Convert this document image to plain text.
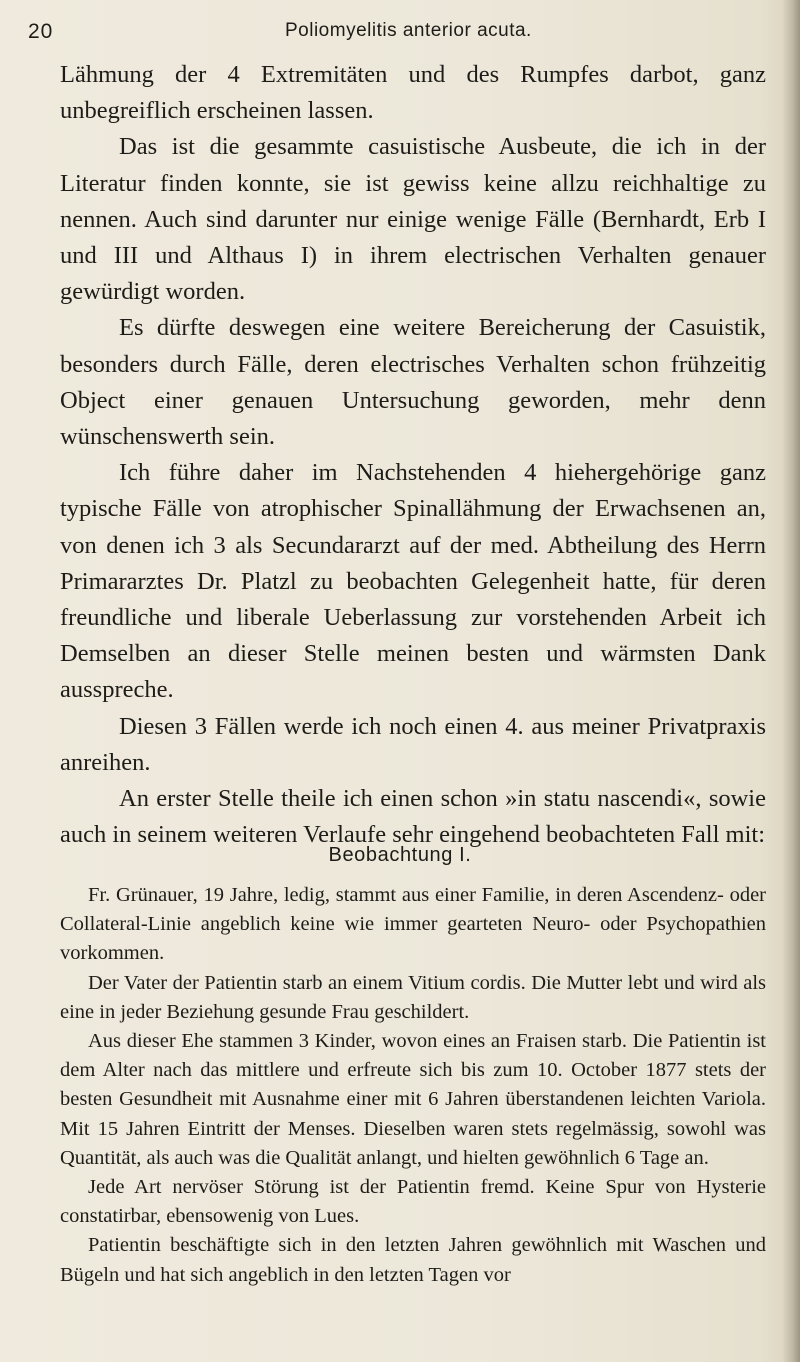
20	Poliomyelitis anterior acuta.

Lähmung der 4 Extremitäten und des Rumpfes darbot, ganz unbegreiflich erscheinen lassen.

Das ist die gesammte casuistische Ausbeute, die ich in der Literatur finden konnte, sie ist gewiss keine allzu reichhaltige zu nennen. Auch sind darunter nur einige wenige Fälle (Bernhardt, Erb I und III und Althaus I) in ihrem electrischen Verhalten genauer gewürdigt worden.

Es dürfte deswegen eine weitere Bereicherung der Casuistik, besonders durch Fälle, deren electrisches Verhalten schon frühzeitig Object einer genauen Untersuchung geworden, mehr denn wünschenswerth sein.

Ich führe daher im Nachstehenden 4 hiehergehörige ganz typische Fälle von atrophischer Spinallähmung der Erwachsenen an, von denen ich 3 als Secundararzt auf der med. Abtheilung des Herrn Primararztes Dr. Platzl zu beobachten Gelegenheit hatte, für deren freundliche und liberale Ueberlassung zur vorstehenden Arbeit ich Demselben an dieser Stelle meinen besten und wärmsten Dank ausspreche.

Diesen 3 Fällen werde ich noch einen 4. aus meiner Privatpraxis anreihen.

An erster Stelle theile ich einen schon »in statu nascendi«, sowie auch in seinem weiteren Verlaufe sehr eingehend beobachteten Fall mit:

Beobachtung I.

Fr. Grünauer, 19 Jahre, ledig, stammt aus einer Familie, in deren Ascendenz- oder Collateral-Linie angeblich keine wie immer gearteten Neuro- oder Psychopathien vorkommen.

Der Vater der Patientin starb an einem Vitium cordis. Die Mutter lebt und wird als eine in jeder Beziehung gesunde Frau geschildert.

Aus dieser Ehe stammen 3 Kinder, wovon eines an Fraisen starb. Die Patientin ist dem Alter nach das mittlere und erfreute sich bis zum 10. October 1877 stets der besten Gesundheit mit Ausnahme einer mit 6 Jahren überstandenen leichten Variola. Mit 15 Jahren Eintritt der Menses. Dieselben waren stets regelmässig, sowohl was Quantität, als auch was die Qualität anlangt, und hielten gewöhnlich 6 Tage an.

Jede Art nervöser Störung ist der Patientin fremd. Keine Spur von Hysterie constatirbar, ebensowenig von Lues.

Patientin beschäftigte sich in den letzten Jahren gewöhnlich mit Waschen und Bügeln und hat sich angeblich in den letzten Tagen vor
